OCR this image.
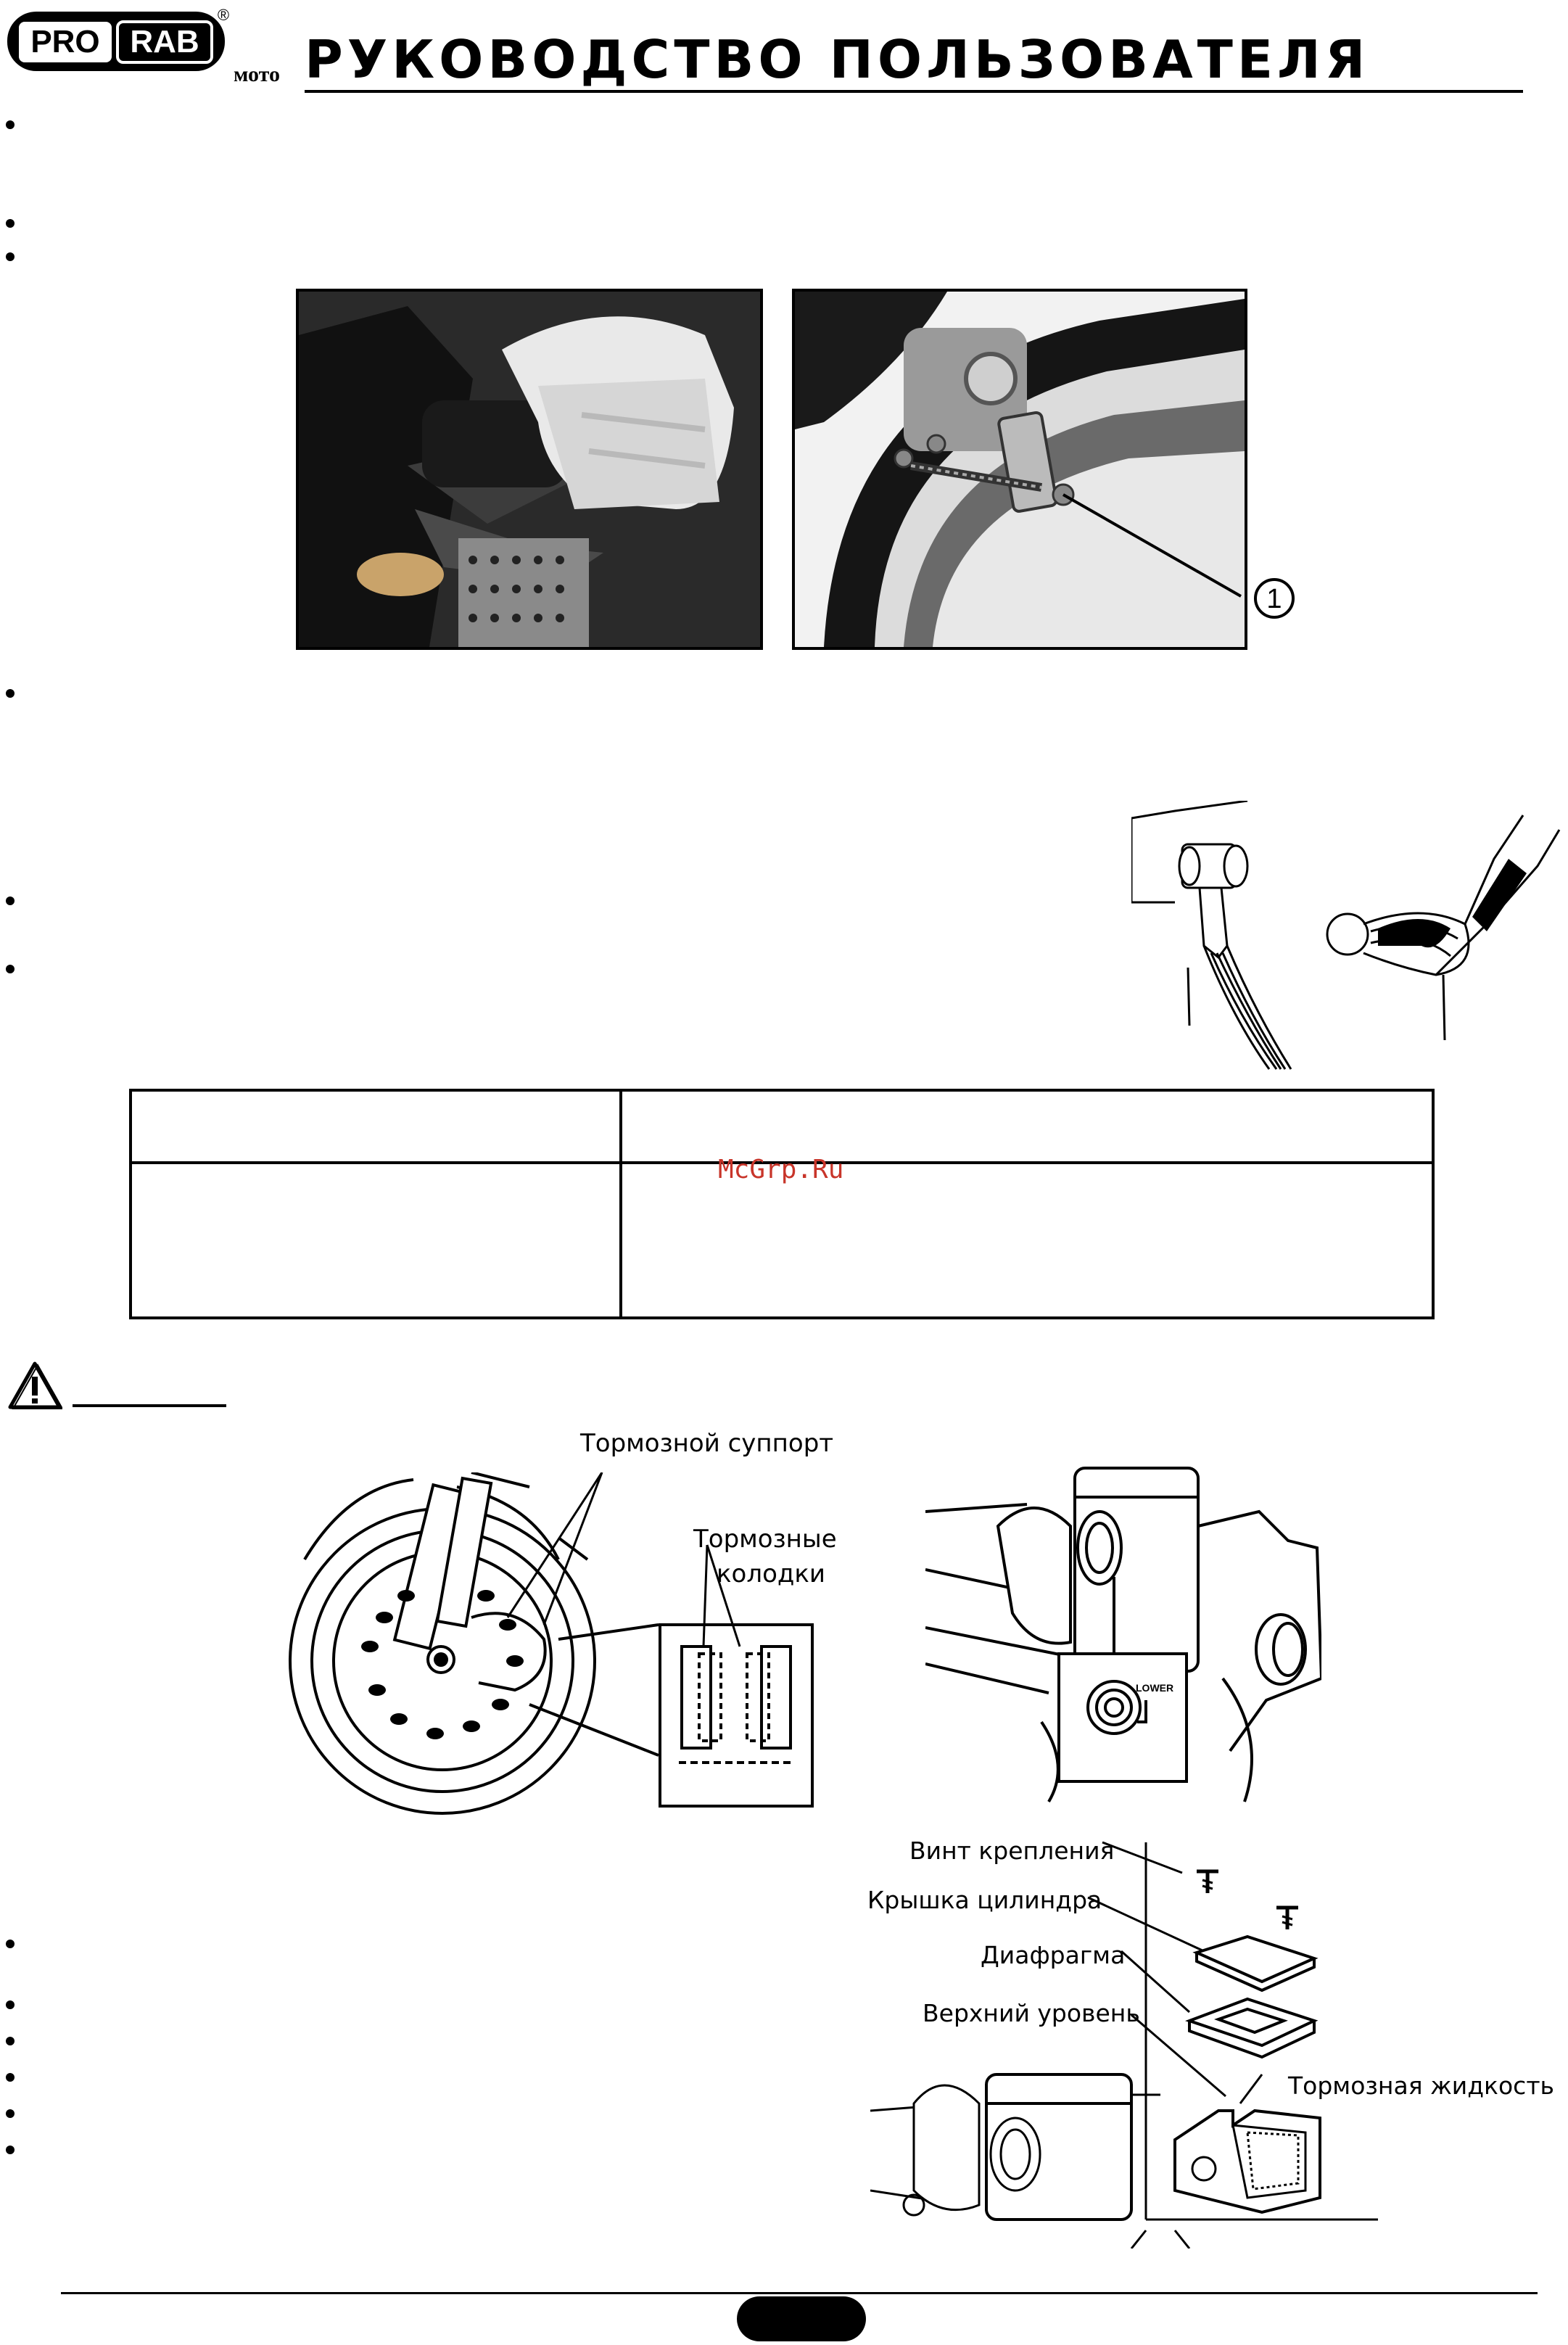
PRO RAB
®
мото РУКОВОДСТВО ПОЛЬЗОВАТЕЛЯ
1
McGrp.Ru
Тормозной суппорт
Тормозные
колодки
LOWER
Винт крепления
Крышка цилиндра
Диафрагма
Верхний уровень
Тормозная жидкость
